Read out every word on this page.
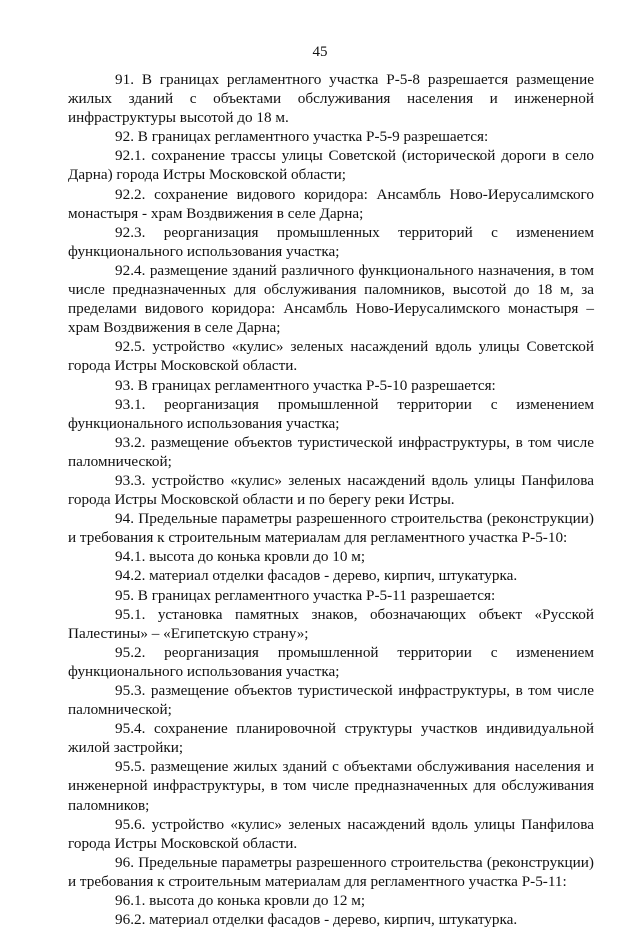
45

91. В границах регламентного участка Р-5-8 разрешается размещение жилых зданий с объектами обслуживания населения и инженерной инфраструктуры высотой до 18 м.

92. В границах регламентного участка Р-5-9 разрешается:

92.1. сохранение трассы улицы Советской (исторической дороги в село Дарна) города Истры Московской области;

92.2. сохранение видового коридора: Ансамбль Ново-Иерусалимского монастыря - храм Воздвижения в селе Дарна;

92.3. реорганизация промышленных территорий с изменением функционального использования участка;

92.4. размещение зданий различного функционального назначения, в том числе предназначенных для обслуживания паломников, высотой до 18 м, за пределами видового коридора: Ансамбль Ново-Иерусалимского монастыря – храм Воздвижения в селе Дарна;

92.5. устройство «кулис» зеленых насаждений вдоль улицы Советской города Истры Московской области.

93. В границах регламентного участка Р-5-10 разрешается:

93.1. реорганизация промышленной территории с изменением функционального использования участка;

93.2. размещение объектов туристической инфраструктуры, в том числе паломнической;

93.3. устройство «кулис» зеленых насаждений вдоль улицы Панфилова города Истры Московской области и по берегу реки Истры.

94. Предельные параметры разрешенного строительства (реконструкции) и требования к строительным материалам для регламентного участка Р-5-10:

94.1. высота до конька кровли до 10 м;

94.2. материал отделки фасадов - дерево, кирпич, штукатурка.

95. В границах регламентного участка Р-5-11 разрешается:

95.1. установка памятных знаков, обозначающих объект «Русской Палестины» – «Египетскую страну»;

95.2. реорганизация промышленной территории с изменением функционального использования участка;

95.3. размещение объектов туристической инфраструктуры, в том числе паломнической;

95.4. сохранение планировочной структуры участков индивидуальной жилой застройки;

95.5. размещение жилых зданий с объектами обслуживания населения и инженерной инфраструктуры, в том числе предназначенных для обслуживания паломников;

95.6. устройство «кулис» зеленых насаждений вдоль улицы Панфилова города Истры Московской области.

96. Предельные параметры разрешенного строительства (реконструкции) и требования к строительным материалам для регламентного участка Р-5-11:

96.1. высота до конька кровли до 12 м;

96.2. материал отделки фасадов - дерево, кирпич, штукатурка.
